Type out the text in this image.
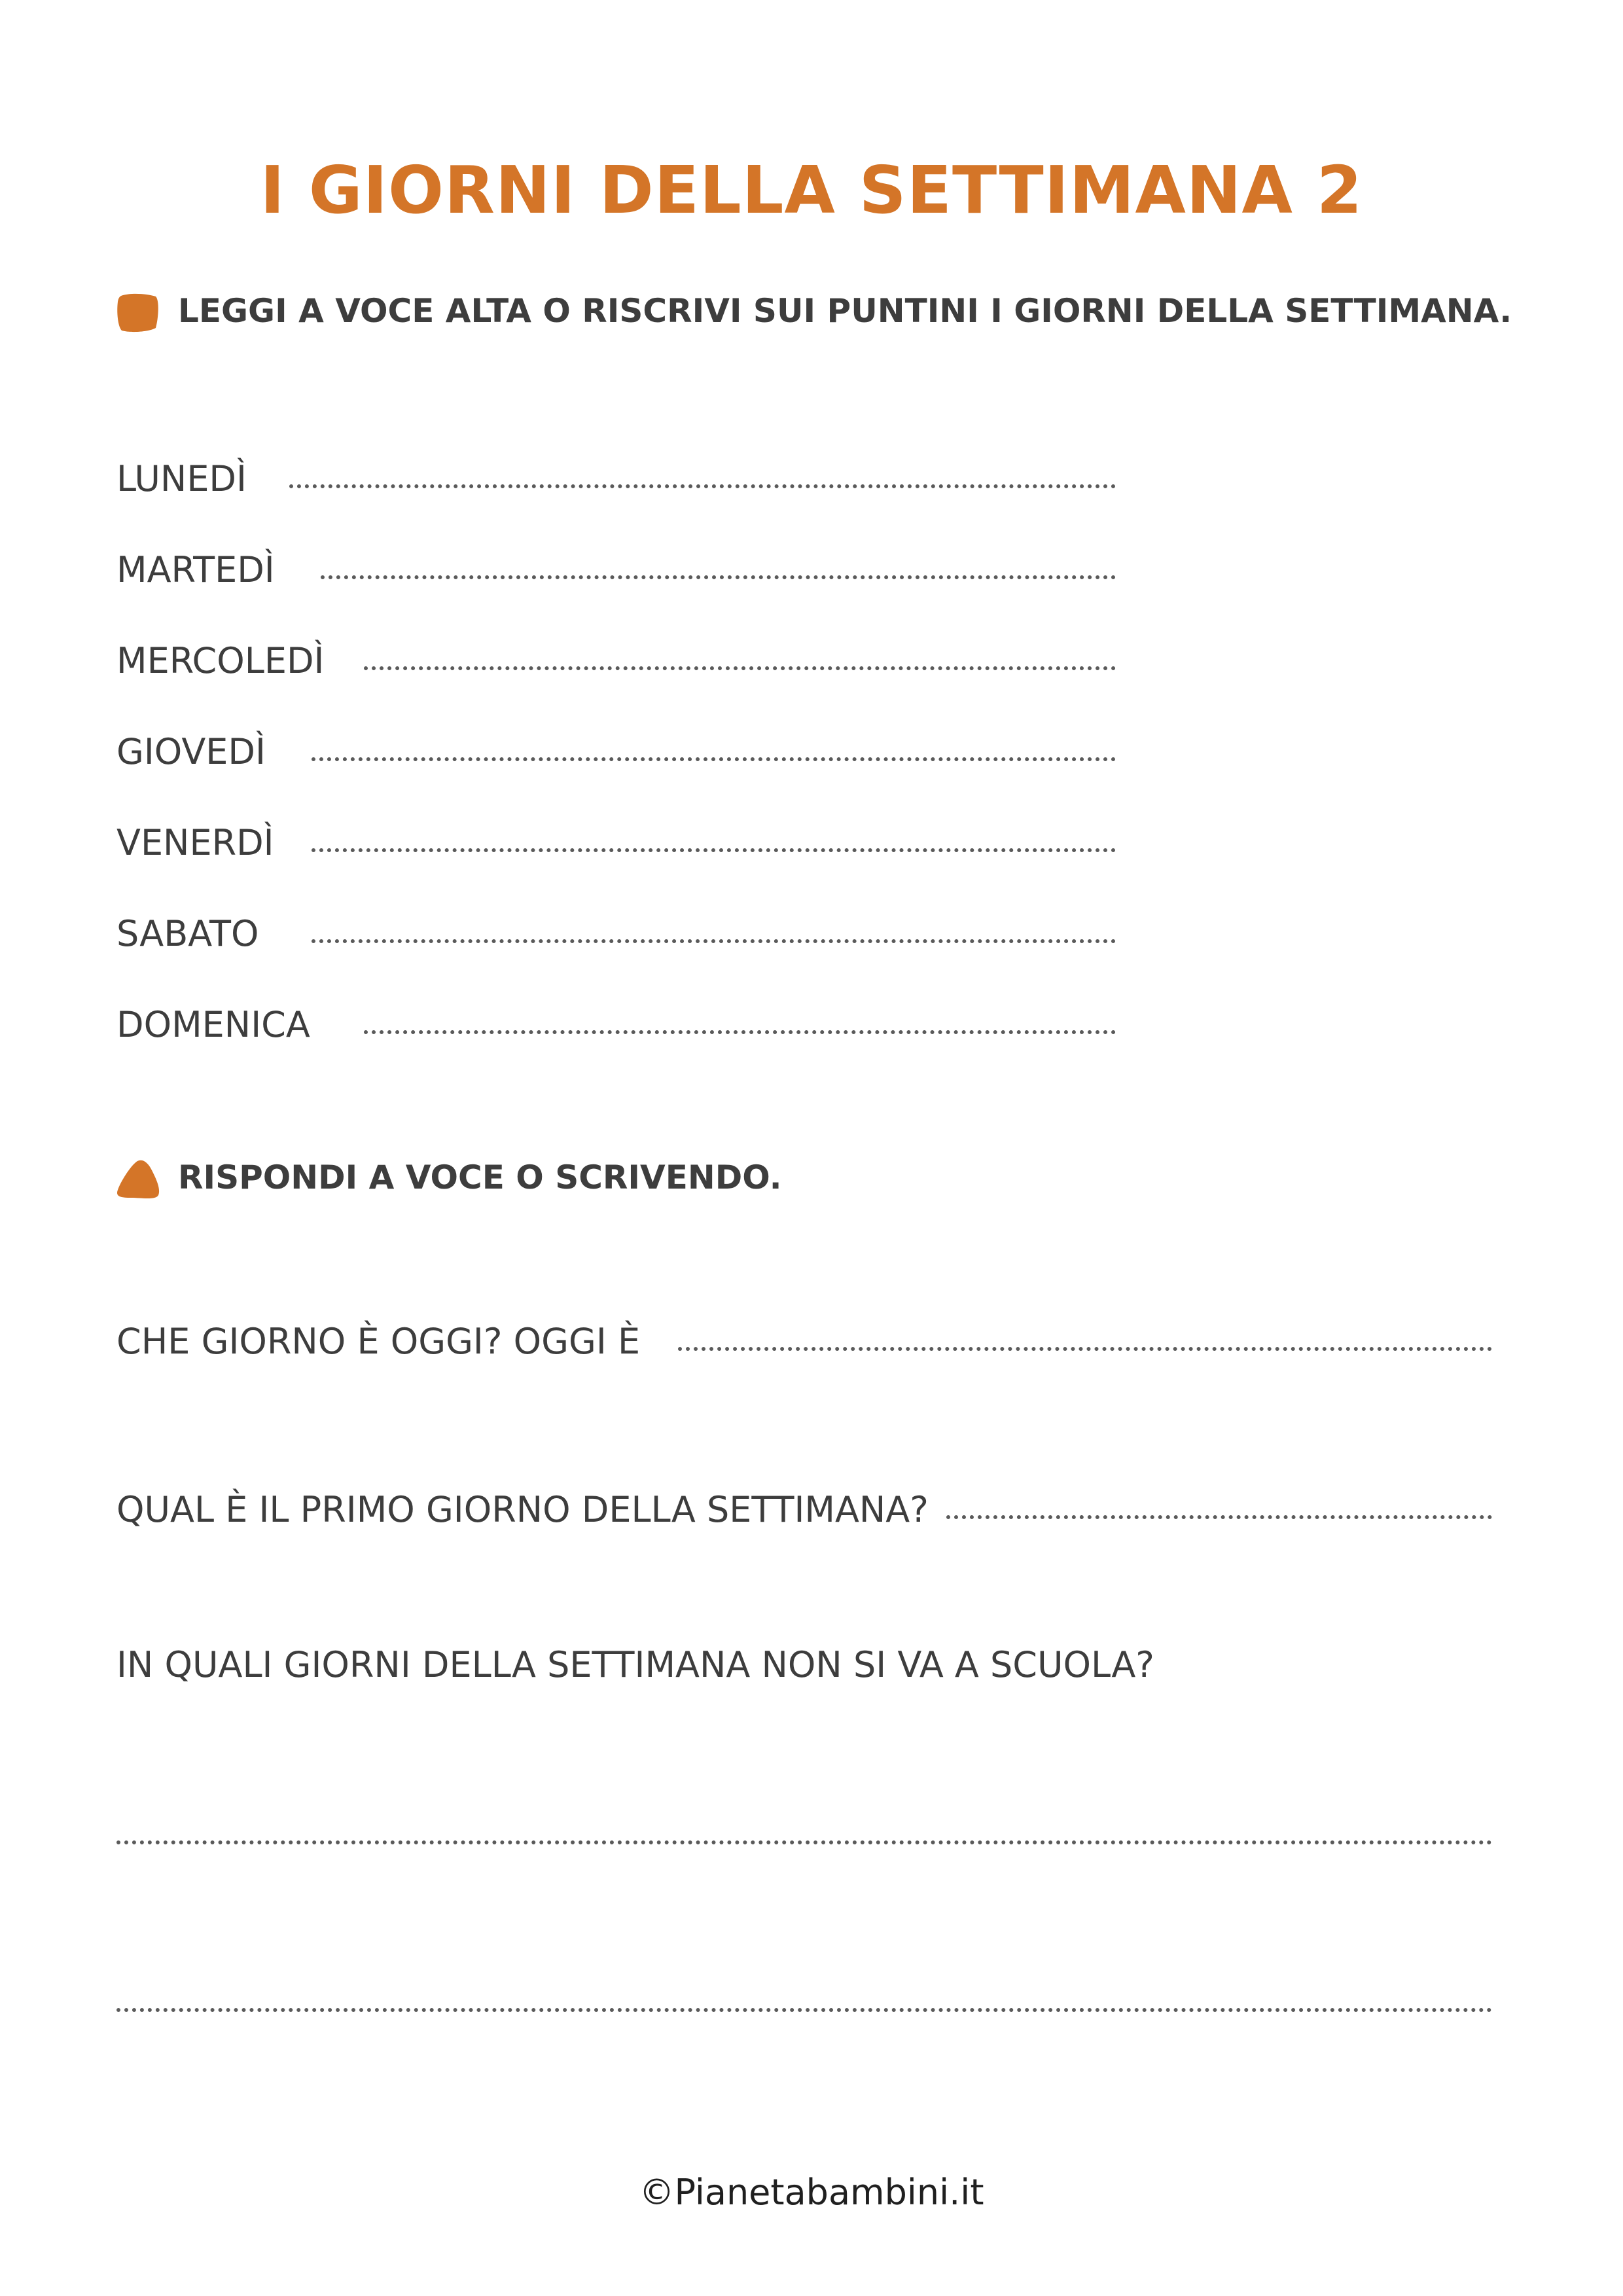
I GIORNI DELLA SETTIMANA 2
LEGGI A VOCE ALTA O RISCRIVI SUI PUNTINI I GIORNI DELLA SETTIMANA.
LUNEDÌ
MARTEDÌ
MERCOLEDÌ
GIOVEDÌ
VENERDÌ
SABATO
DOMENICA
RISPONDI A VOCE O SCRIVENDO.
CHE GIORNO È OGGI? OGGI È
QUAL È IL PRIMO GIORNO DELLA SETTIMANA?
IN QUALI GIORNI DELLA SETTIMANA NON SI VA A SCUOLA?
©Pianetabambini.it
